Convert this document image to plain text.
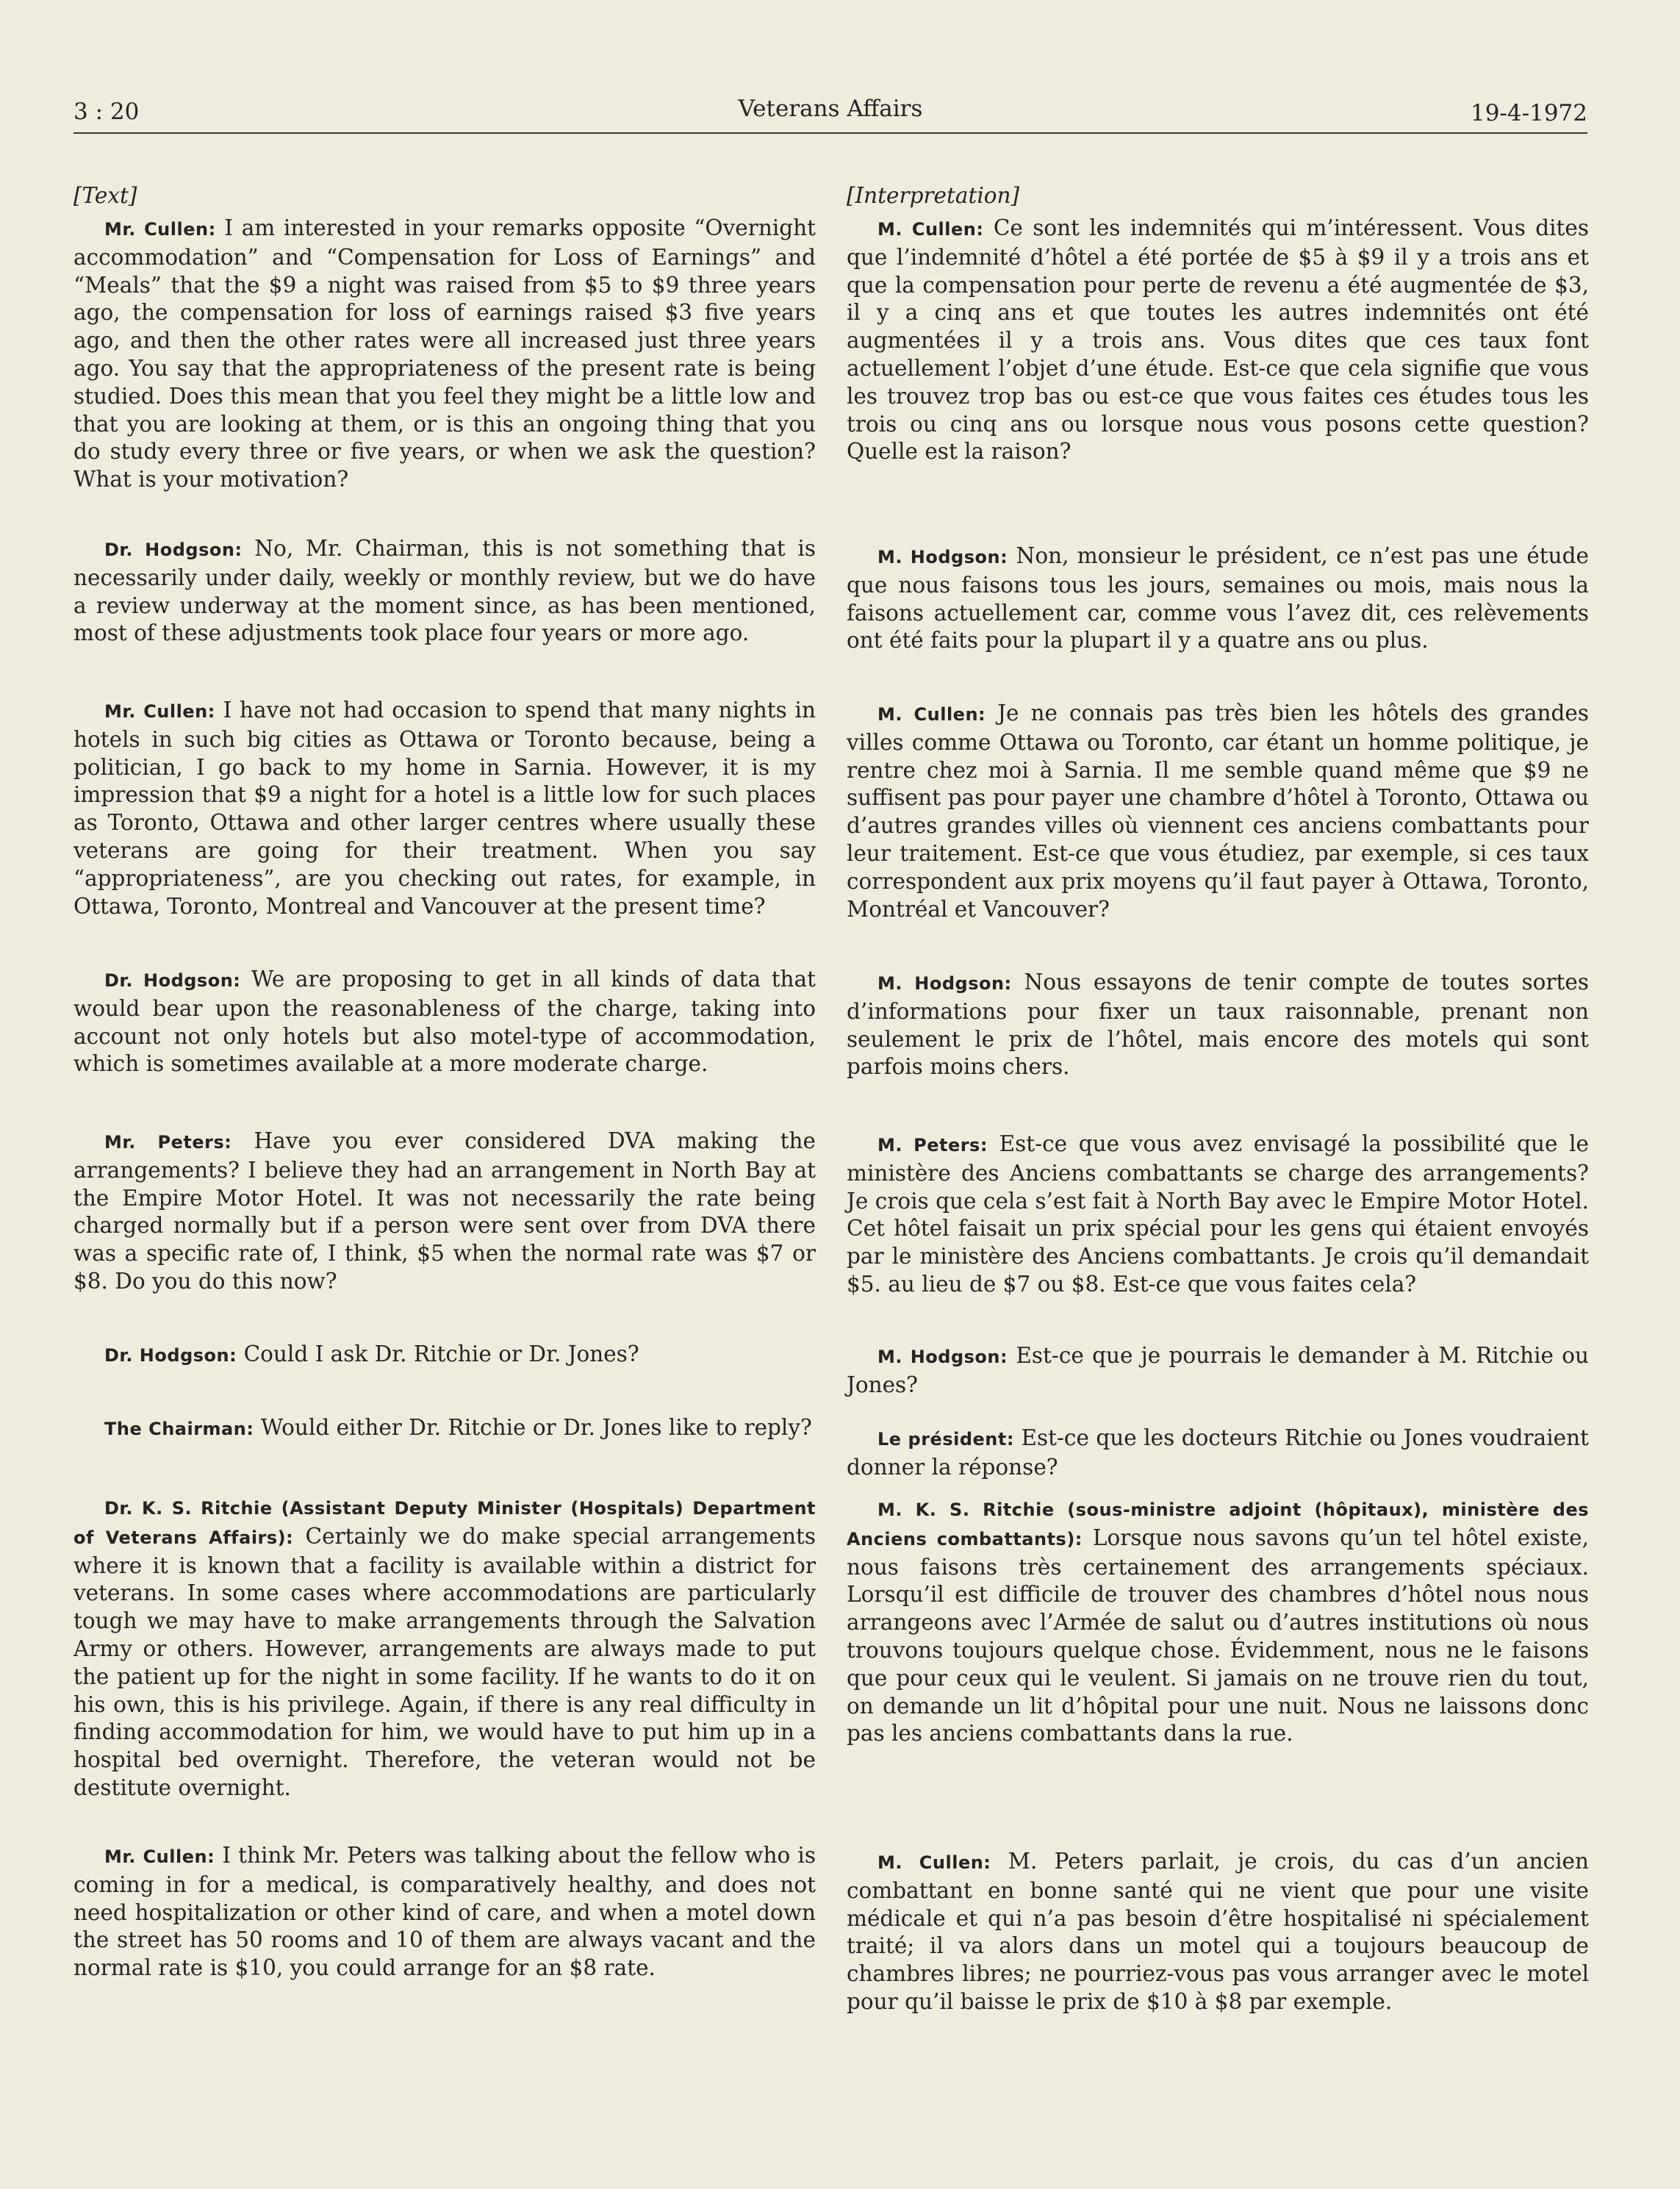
3 : 20	Veterans Affairs	19-4-1972
[Text]
Mr. Cullen: I am interested in your remarks opposite “Overnight accommodation” and “Compensation for Loss of Earnings” and “Meals” that the $9 a night was raised from $5 to $9 three years ago, the compensation for loss of earnings raised $3 five years ago, and then the other rates were all increased just three years ago. You say that the appropriateness of the present rate is being studied. Does this mean that you feel they might be a little low and that you are looking at them, or is this an ongoing thing that you do study every three or five years, or when we ask the question? What is your motivation?
Dr. Hodgson: No, Mr. Chairman, this is not something that is necessarily under daily, weekly or monthly review, but we do have a review underway at the moment since, as has been mentioned, most of these adjustments took place four years or more ago.
Mr. Cullen: I have not had occasion to spend that many nights in hotels in such big cities as Ottawa or Toronto because, being a politician, I go back to my home in Sarnia. However, it is my impression that $9 a night for a hotel is a little low for such places as Toronto, Ottawa and other larger centres where usually these veterans are going for their treatment. When you say “appropriateness”, are you checking out rates, for example, in Ottawa, Toronto, Montreal and Vancouver at the present time?
Dr. Hodgson: We are proposing to get in all kinds of data that would bear upon the reasonableness of the charge, taking into account not only hotels but also motel-type of accommodation, which is sometimes available at a more moderate charge.
Mr. Peters: Have you ever considered DVA making the arrangements? I believe they had an arrangement in North Bay at the Empire Motor Hotel. It was not necessarily the rate being charged normally but if a person were sent over from DVA there was a specific rate of, I think, $5 when the normal rate was $7 or $8. Do you do this now?
Dr. Hodgson: Could I ask Dr. Ritchie or Dr. Jones?
The Chairman: Would either Dr. Ritchie or Dr. Jones like to reply?
Dr. K. S. Ritchie (Assistant Deputy Minister (Hospitals) Department of Veterans Affairs): Certainly we do make special arrangements where it is known that a facility is available within a district for veterans. In some cases where accommodations are particularly tough we may have to make arrangements through the Salvation Army or others. However, arrangements are always made to put the patient up for the night in some facility. If he wants to do it on his own, this is his privilege. Again, if there is any real difficulty in finding accommodation for him, we would have to put him up in a hospital bed overnight. Therefore, the veteran would not be destitute overnight.
Mr. Cullen: I think Mr. Peters was talking about the fellow who is coming in for a medical, is comparatively healthy, and does not need hospitalization or other kind of care, and when a motel down the street has 50 rooms and 10 of them are always vacant and the normal rate is $10, you could arrange for an $8 rate.
[Interpretation]
M. Cullen: Ce sont les indemnités qui m’intéressent. Vous dites que l’indemnité d’hôtel a été portée de $5 à $9 il y a trois ans et que la compensation pour perte de revenu a été augmentée de $3, il y a cinq ans et que toutes les autres indemnités ont été augmentées il y a trois ans. Vous dites que ces taux font actuellement l’objet d’une étude. Est-ce que cela signifie que vous les trouvez trop bas ou est-ce que vous faites ces études tous les trois ou cinq ans ou lorsque nous vous posons cette question? Quelle est la raison?
M. Hodgson: Non, monsieur le président, ce n’est pas une étude que nous faisons tous les jours, semaines ou mois, mais nous la faisons actuellement car, comme vous l’avez dit, ces relèvements ont été faits pour la plupart il y a quatre ans ou plus.
M. Cullen: Je ne connais pas très bien les hôtels des grandes villes comme Ottawa ou Toronto, car étant un homme politique, je rentre chez moi à Sarnia. Il me semble quand même que $9 ne suffisent pas pour payer une chambre d’hôtel à Toronto, Ottawa ou d’autres grandes villes où viennent ces anciens combattants pour leur traitement. Est-ce que vous étudiez, par exemple, si ces taux correspondent aux prix moyens qu’il faut payer à Ottawa, Toronto, Montréal et Vancouver?
M. Hodgson: Nous essayons de tenir compte de toutes sortes d’informations pour fixer un taux raisonnable, prenant non seulement le prix de l’hôtel, mais encore des motels qui sont parfois moins chers.
M. Peters: Est-ce que vous avez envisagé la possibilité que le ministère des Anciens combattants se charge des arrangements? Je crois que cela s’est fait à North Bay avec le Empire Motor Hotel. Cet hôtel faisait un prix spécial pour les gens qui étaient envoyés par le ministère des Anciens combattants. Je crois qu’il demandait $5. au lieu de $7 ou $8. Est-ce que vous faites cela?
M. Hodgson: Est-ce que je pourrais le demander à M. Ritchie ou Jones?
Le président: Est-ce que les docteurs Ritchie ou Jones voudraient donner la réponse?
M. K. S. Ritchie (sous-ministre adjoint (hôpitaux), ministère des Anciens combattants): Lorsque nous savons qu’un tel hôtel existe, nous faisons très certainement des arrangements spéciaux. Lorsqu’il est difficile de trouver des chambres d’hôtel nous nous arrangeons avec l’Armée de salut ou d’autres institutions où nous trouvons toujours quelque chose. Évidemment, nous ne le faisons que pour ceux qui le veulent. Si jamais on ne trouve rien du tout, on demande un lit d’hôpital pour une nuit. Nous ne laissons donc pas les anciens combattants dans la rue.
M. Cullen: M. Peters parlait, je crois, du cas d’un ancien combattant en bonne santé qui ne vient que pour une visite médicale et qui n’a pas besoin d’être hospitalisé ni spécialement traité; il va alors dans un motel qui a toujours beaucoup de chambres libres; ne pourriez-vous pas vous arranger avec le motel pour qu’il baisse le prix de $10 à $8 par exemple.
